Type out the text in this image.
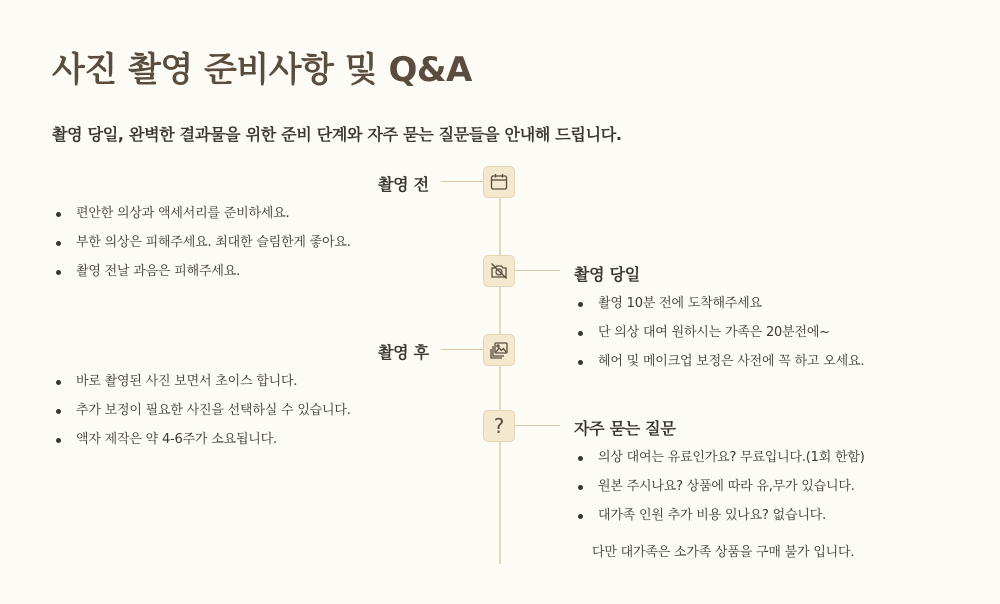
사진 촬영 준비사항 및 Q&A

촬영 당일, 완벽한 결과물을 위한 준비 단계와 자주 묻는 질문들을 안내해 드립니다.

촬영 전
편안한 의상과 액세서리를 준비하세요.
부한 의상은 피해주세요. 최대한 슬림한게 좋아요.
촬영 전날 과음은 피해주세요.	촬영 당일
촬영 10분 전에 도착해주세요
단 의상 대여 원하시는 가족은 20분전에~
헤어 및 메이크업 보정은 사전에 꼭 하고 오세요.
촬영 후
바로 촬영된 사진 보면서 초이스 합니다.
추가 보정이 필요한 사진을 선택하실 수 있습니다.
액자 제작은 약 4-6주가 소요됩니다.
?	자주 묻는 질문
의상 대여는 유료인가요? 무료입니다.(1회 한함)
원본 주시나요? 상품에 따라 유,무가 있습니다.
대가족 인원 추가 비용 있나요? 없습니다.

다만 대가족은 소가족 상품을 구매 불가 입니다.
